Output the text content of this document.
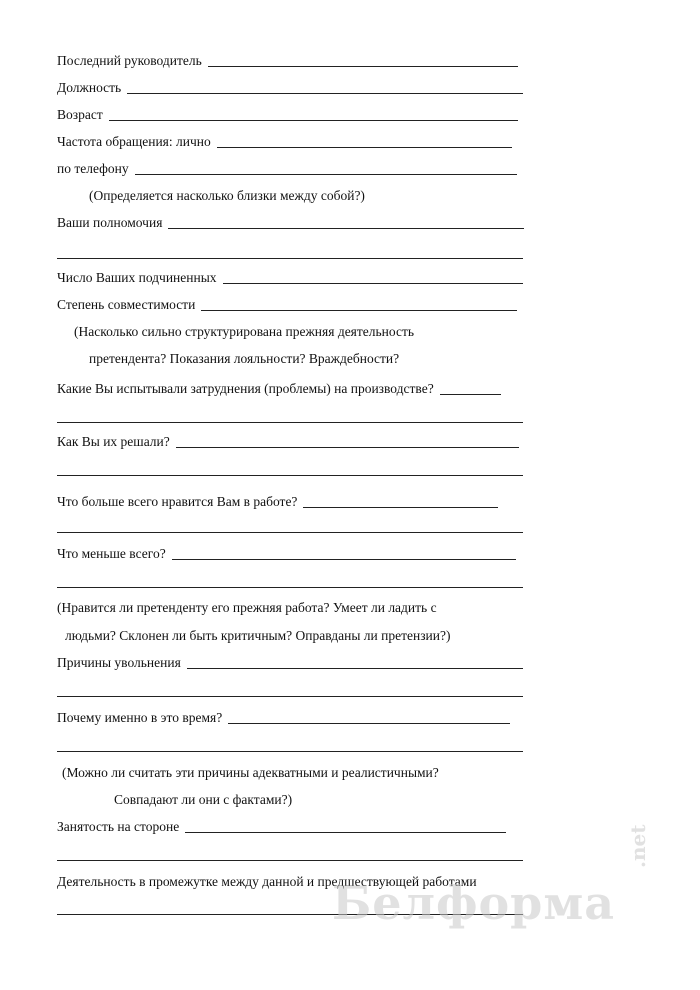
Последний руководитель
Должность
Возраст
Частота обращения: лично
по телефону
(Определяется насколько близки между собой?)
Ваши полномочия
Число Ваших подчиненных
Степень совместимости
(Насколько сильно структурирована прежняя деятельность
претендента? Показания лояльности? Враждебности?
Какие Вы испытывали затруднения (проблемы) на производстве?
Как Вы их решали?
Что больше всего нравится Вам в работе?
Что меньше всего?
(Нравится ли претенденту его прежняя работа? Умеет ли ладить с
людьми? Склонен ли быть критичным? Оправданы ли претензии?)
Причины увольнения
Почему именно в это время?
(Можно ли считать эти причины адекватными и реалистичными?
Совпадают ли они с фактами?)
Занятость на стороне
Деятельность в промежутке между данной и предшествующей работами
Белформа
.net
